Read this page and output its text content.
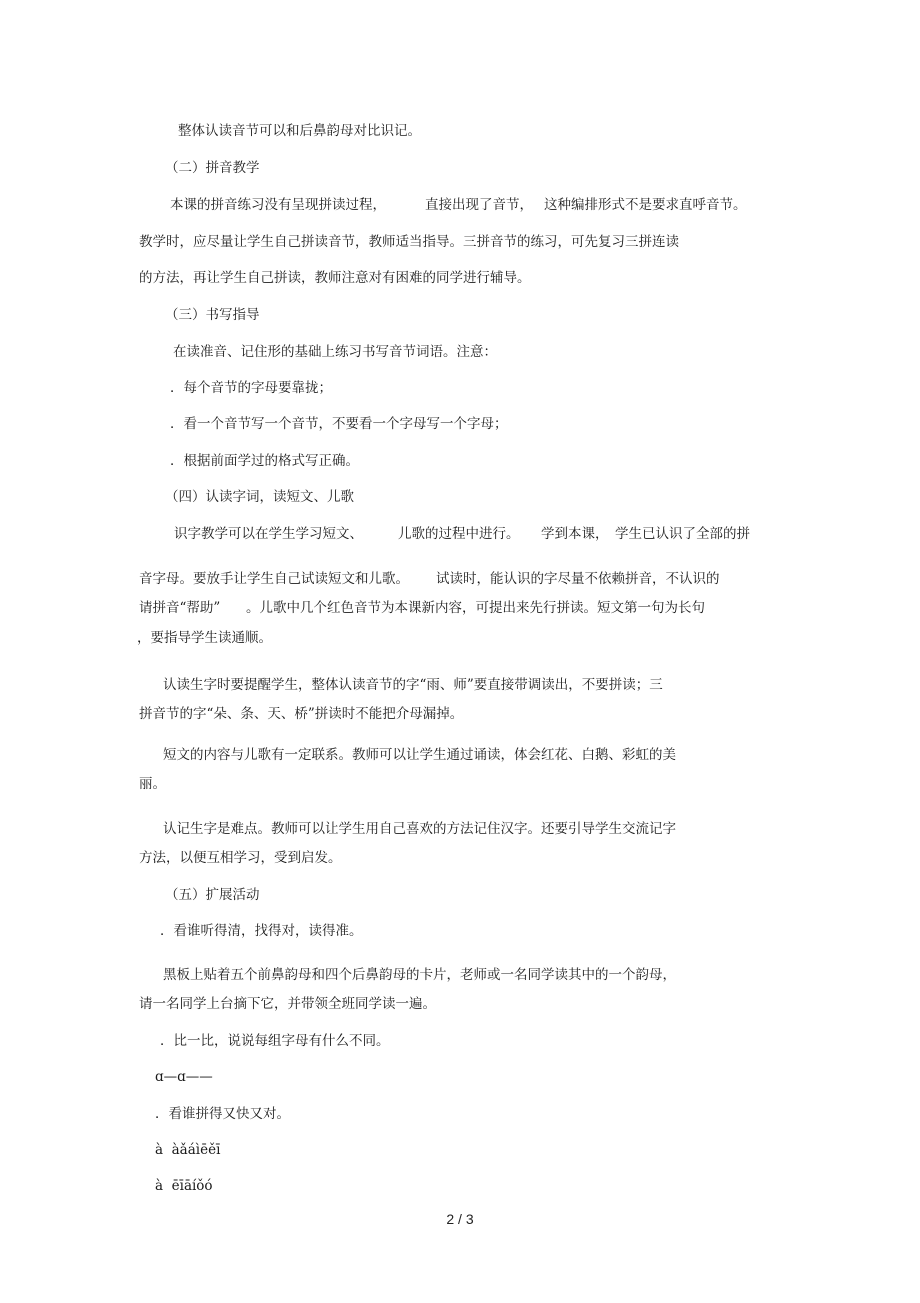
整体认读音节可以和后鼻韵母对比识记。

（二）拼音教学

本课的拼音练习没有呈现拼读过程，	直接出现了音节， 这种编排形式不是要求直呼音节。

教学时，应尽量让学生自己拼读音节，教师适当指导。三拼音节的练习，可先复习三拼连读

的方法，再让学生自己拼读，教师注意对有困难的同学进行辅导。

（三）书写指导

在读准音、记住形的基础上练习书写音节词语。注意：

．每个音节的字母要靠拢；

．看一个音节写一个音节，不要看一个字母写一个字母；

．根据前面学过的格式写正确。

（四）认读字词，读短文、儿歌

识字教学可以在学生学习短文、	儿歌的过程中进行。 学到本课， 学生已认识了全部的拼

音字母。要放手让学生自己试读短文和儿歌。 试读时，能认识的字尽量不依赖拼音，不认识的

请拼音“帮助” 。儿歌中几个红色音节为本课新内容，可提出来先行拼读。短文第一句为长句

，要指导学生读通顺。

认读生字时要提醒学生，整体认读音节的字“雨、师”要直接带调读出，不要拼读；三

拼音节的字“朵、条、天、桥”拼读时不能把介母漏掉。

短文的内容与儿歌有一定联系。教师可以让学生通过诵读，体会红花、白鹅、彩虹的美

丽。

认记生字是难点。教师可以让学生用自己喜欢的方法记住汉字。还要引导学生交流记字

方法，以便互相学习，受到启发。

（五）扩展活动

．看谁听得清，找得对，读得准。

黑板上贴着五个前鼻韵母和四个后鼻韵母的卡片，老师或一名同学读其中的一个韵母，

请一名同学上台摘下它，并带领全班同学读一遍。

．比一比，说说每组字母有什么不同。

ɑ—ɑ——

．看谁拼得又快又对。

à  àǎáìēěī

à  ēīāíǒó

2 / 3
